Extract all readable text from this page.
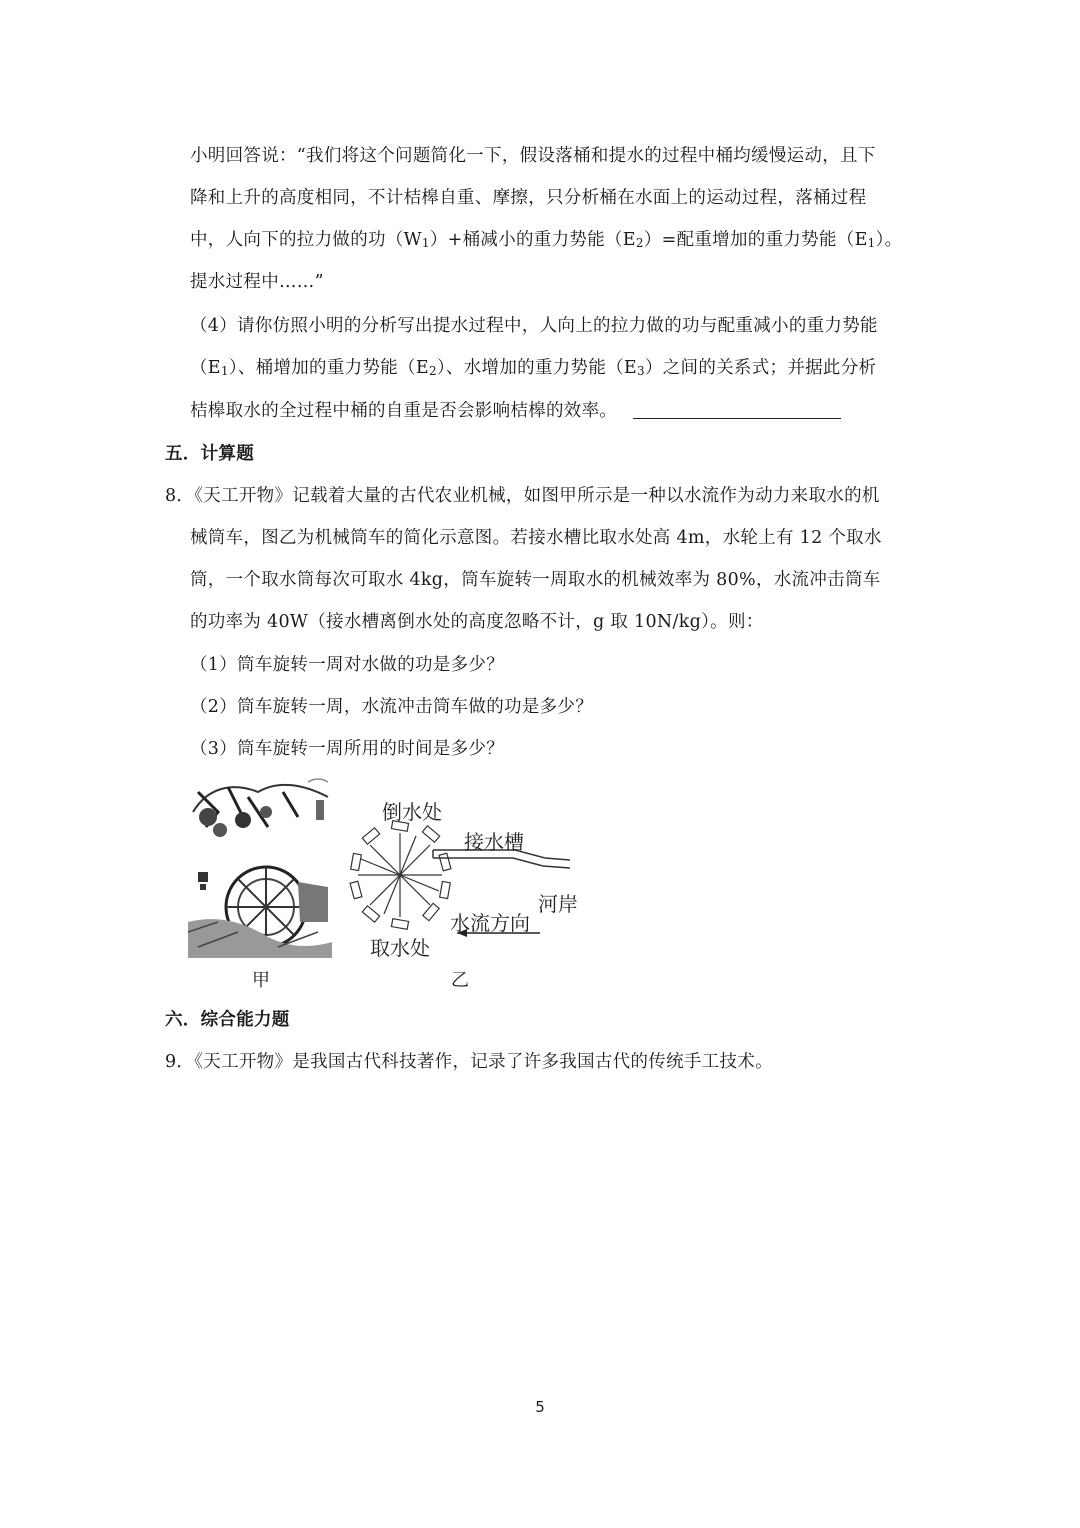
小明回答说：“我们将这个问题简化一下，假设落桶和提水的过程中桶均缓慢运动，且下
降和上升的高度相同，不计桔槔自重、摩擦，只分析桶在水面上的运动过程，落桶过程
中，人向下的拉力做的功（W1）+桶减小的重力势能（E2）=配重增加的重力势能（E1）。
提水过程中……”
（4）请你仿照小明的分析写出提水过程中，人向上的拉力做的功与配重减小的重力势能
（E1）、桶增加的重力势能（E2）、水增加的重力势能（E3）之间的关系式；并据此分析
桔槔取水的全过程中桶的自重是否会影响桔槔的效率。
五．计算题
8．《天工开物》记载着大量的古代农业机械，如图甲所示是一种以水流作为动力来取水的机
械筒车，图乙为机械筒车的简化示意图。若接水槽比取水处高 4m，水轮上有 12 个取水
筒，一个取水筒每次可取水 4kg，筒车旋转一周取水的机械效率为 80%，水流冲击筒车
的功率为 40W（接水槽离倒水处的高度忽略不计，g 取 10N/kg）。则：
（1）筒车旋转一周对水做的功是多少？
（2）筒车旋转一周，水流冲击筒车做的功是多少？
（3）筒车旋转一周所用的时间是多少？
甲
倒水处
接水槽
河岸
水流方向
取水处
乙
六．综合能力题
9．《天工开物》是我国古代科技著作，记录了许多我国古代的传统手工技术。
5
